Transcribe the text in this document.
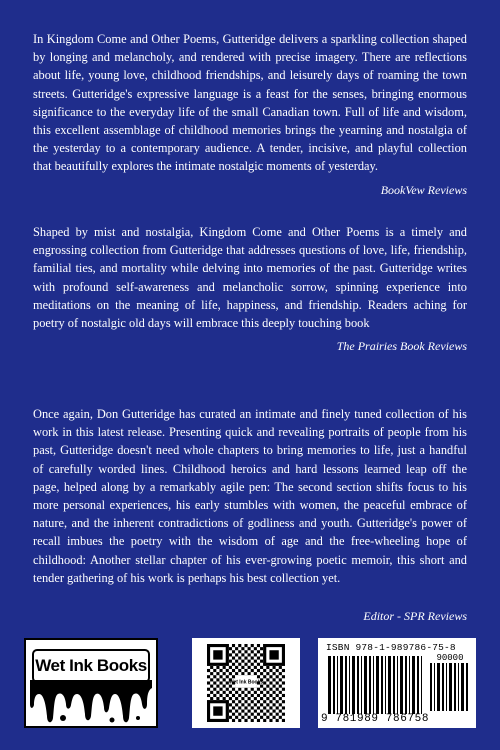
In Kingdom Come and Other Poems, Gutteridge delivers a sparkling collection shaped by longing and melancholy, and rendered with precise imagery. There are reflections about life, young love, childhood friendships, and leisurely days of roaming the town streets. Gutteridge's expressive language is a feast for the senses, bringing enormous significance to the everyday life of the small Canadian town. Full of life and wisdom, this excellent assemblage of childhood memories brings the yearning and nostalgia of the yesterday to a contemporary audience. A tender, incisive, and playful collection that beautifully explores the intimate nostalgic moments of yesterday.

BookVew Reviews

Shaped by mist and nostalgia, Kingdom Come and Other Poems is a timely and engrossing collection from Gutteridge that addresses questions of love, life, friendship, familial ties, and mortality while delving into memories of the past. Gutteridge writes with profound self-awareness and melancholic sorrow, spinning experience into meditations on the meaning of life, happiness, and friendship. Readers aching for poetry of nostalgic old days will embrace this deeply touching book

The Prairies Book Reviews

Once again, Don Gutteridge has curated an intimate and finely tuned collection of his work in this latest release. Presenting quick and revealing portraits of people from his past, Gutteridge doesn't need whole chapters to bring memories to life, just a handful of carefully worded lines. Childhood heroics and hard lessons learned leap off the page, helped along by a remarkably agile pen: The second section shifts focus to his more personal experiences, his early stumbles with women, the peaceful embrace of nature, and the inherent contradictions of godliness and youth. Gutteridge's power of recall imbues the poetry with the wisdom of age and the free-wheeling hope of childhood: Another stellar chapter of his ever-growing poetic memoir, this short and tender gathering of his work is perhaps his best collection yet.

Editor - SPR Reviews
Wet Ink Books
Wet Ink Books
ISBN 978-1-989786-75-8
90000
9 781989 786758
